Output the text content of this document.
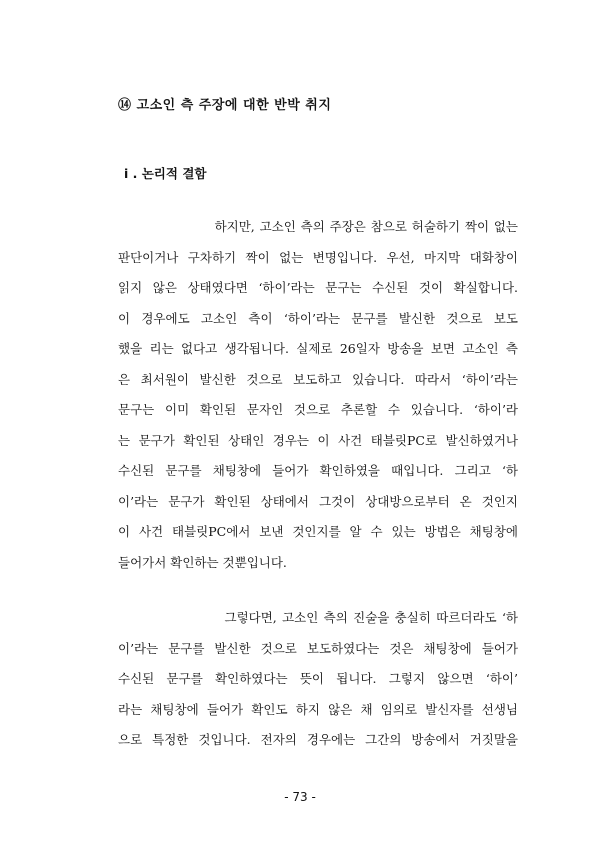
⑭ 고소인 측 주장에 대한 반박 취지
i . 논리적 결함
하지만, 고소인 측의 주장은 참으로 허술하기 짝이 없는
판단이거나 구차하기 짝이 없는 변명입니다. 우선, 마지막 대화창이
읽지 않은 상태였다면 ‘하이’라는 문구는 수신된 것이 확실합니다.
이 경우에도 고소인 측이 ‘하이’라는 문구를 발신한 것으로 보도
했을 리는 없다고 생각됩니다. 실제로 26일자 방송을 보면 고소인 측
은 최서원이 발신한 것으로 보도하고 있습니다. 따라서 ‘하이’라는
문구는 이미 확인된 문자인 것으로 추론할 수 있습니다. ‘하이’라
는 문구가 확인된 상태인 경우는 이 사건 태블릿PC로 발신하였거나
수신된 문구를 채팅창에 들어가 확인하였을 때입니다. 그리고 ‘하
이’라는 문구가 확인된 상태에서 그것이 상대방으로부터 온 것인지
이 사건 태블릿PC에서 보낸 것인지를 알 수 있는 방법은 채팅창에
들어가서 확인하는 것뿐입니다.
그렇다면, 고소인 측의 진술을 충실히 따르더라도 ‘하
이’라는 문구를 발신한 것으로 보도하였다는 것은 채팅창에 들어가
수신된 문구를 확인하였다는 뜻이 됩니다. 그렇지 않으면 ‘하이’
라는 채팅창에 들어가 확인도 하지 않은 채 임의로 발신자를 선생님
으로 특정한 것입니다. 전자의 경우에는 그간의 방송에서 거짓말을
- 73 -
